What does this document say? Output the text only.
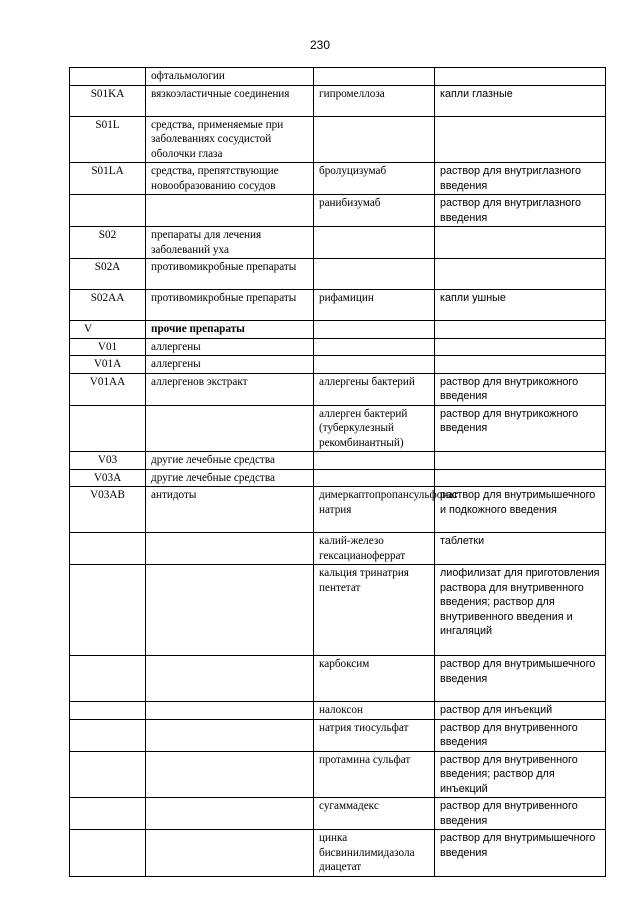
230
	офтальмологии		
S01KA	вязкоэластичные соединения	гипромеллоза	капли глазные
S01L	средства, применяемые при заболеваниях сосудистой оболочки глаза		
S01LA	средства, препятствующие новообразованию сосудов	бролуцизумаб	раствор для внутриглазного введения
		ранибизумаб	раствор для внутриглазного введения
S02	препараты для лечения заболеваний уха		
S02A	противомикробные препараты		
S02AA	противомикробные препараты	рифамицин	капли ушные
V	прочие препараты		
V01	аллергены		
V01A	аллергены		
V01AA	аллергенов экстракт	аллергены бактерий	раствор для внутрикожного введения
		аллерген бактерий (туберкулезный рекомбинантный)	раствор для внутрикожного введения
V03	другие лечебные средства		
V03A	другие лечебные средства		
V03AB	антидоты	димеркаптопропансульфонат натрия	раствор для внутримышечного и подкожного введения
		калий-железо гексацианоферрат	таблетки
		кальция тринатрия пентетат	лиофилизат для приготовления раствора для внутривенного введения; раствор для внутривенного введения и ингаляций
		карбоксим	раствор для внутримышечного введения
		налоксон	раствор для инъекций
		натрия тиосульфат	раствор для внутривенного введения
		протамина сульфат	раствор для внутривенного введения; раствор для инъекций
		сугаммадекс	раствор для внутривенного введения
		цинка бисвинилимидазола диацетат	раствор для внутримышечного введения
